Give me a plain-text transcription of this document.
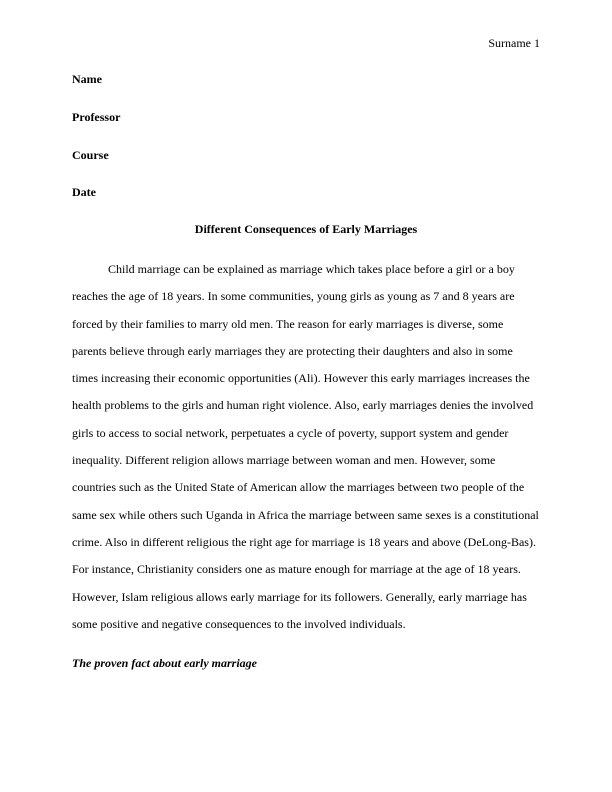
Surname 1
Name
Professor
Course
Date
Different Consequences of Early Marriages

Child marriage can be explained as marriage which takes place before a girl or a boy reaches the age of 18 years. In some communities, young girls as young as 7 and 8 years are forced by their families to marry old men. The reason for early marriages is diverse, some parents believe through early marriages they are protecting their daughters and also in some times increasing their economic opportunities (Ali). However this early marriages increases the health problems to the girls and human right violence. Also, early marriages denies the involved girls to access to social network, perpetuates a cycle of poverty, support system and gender inequality. Different religion allows marriage between woman and men. However, some countries such as the United State of American allow the marriages between two people of the same sex while others such Uganda in Africa the marriage between same sexes is a constitutional crime. Also in different religious the right age for marriage is 18 years and above (DeLong-Bas). For instance, Christianity considers one as mature enough for marriage at the age of 18 years. However, Islam religious allows early marriage for its followers. Generally, early marriage has some positive and negative consequences to the involved individuals.

The proven fact about early marriage
